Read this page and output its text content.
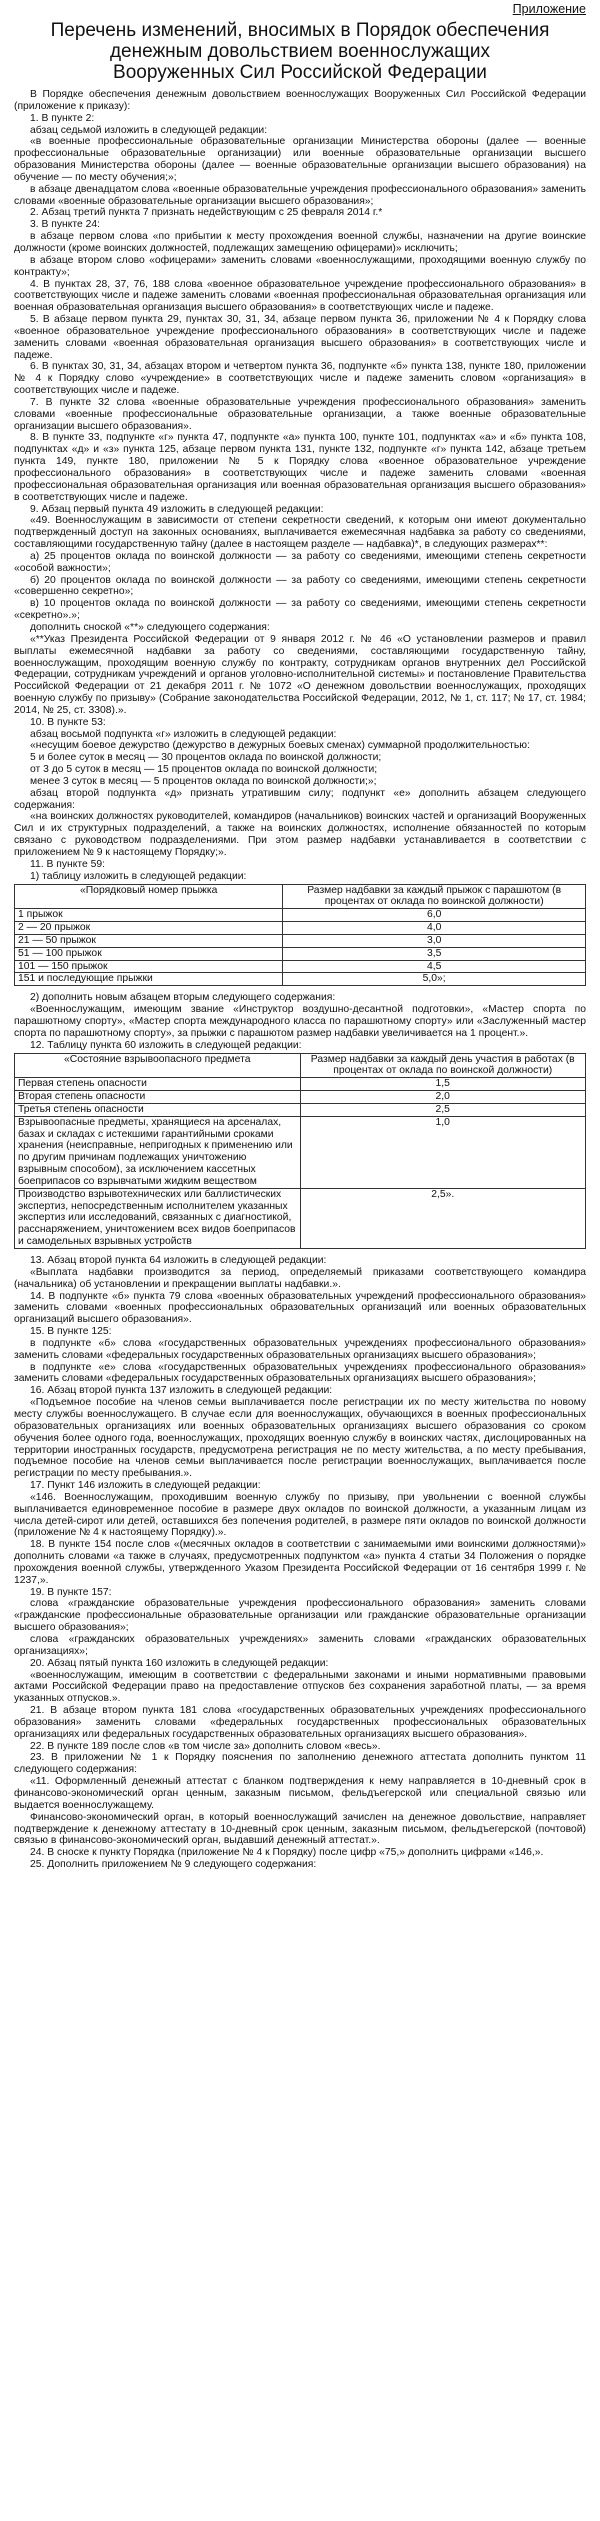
Приложение
Перечень изменений, вносимых в Порядок обеспечения денежным довольствием военнослужащих Вооруженных Сил Российской Федерации

В Порядке обеспечения денежным довольствием военнослужащих Вооруженных Сил Российской Федерации (приложение к приказу):

1. В пункте 2:

абзац седьмой изложить в следующей редакции:

«в военные профессиональные образовательные организации Министерства обороны (далее — военные профессиональные образовательные организации) или военные образовательные организации высшего образования Министерства обороны (далее — военные образовательные организации высшего образования) на обучение — по месту обучения;»;

в абзаце двенадцатом слова «военные образовательные учреждения профессионального образования» заменить словами «военные образовательные организации высшего образования»;

2. Абзац третий пункта 7 признать недействующим с 25 февраля 2014 г.*

3. В пункте 24:

в абзаце первом слова «по прибытии к месту прохождения военной службы, назначении на другие воинские должности (кроме воинских должностей, подлежащих замещению офицерами)» исключить;

в абзаце втором слово «офицерами» заменить словами «военнослужащими, проходящими военную службу по контракту»;

4. В пунктах 28, 37, 76, 188 слова «военное образовательное учреждение профессионального образования» в соответствующих числе и падеже заменить словами «военная профессиональная образовательная организация или военная образовательная организация высшего образования» в соответствующих числе и падеже.

5. В абзаце первом пункта 29, пунктах 30, 31, 34, абзаце первом пункта 36, приложении № 4 к Порядку слова «военное образовательное учреждение профессионального образования» в соответствующих числе и падеже заменить словами «военная образовательная организация высшего образования» в соответствующих числе и падеже.

6. В пунктах 30, 31, 34, абзацах втором и четвертом пункта 36, подпункте «б» пункта 138, пункте 180, приложении № 4 к Порядку слово «учреждение» в соответствующих числе и падеже заменить словом «организация» в соответствующих числе и падеже.

7. В пункте 32 слова «военные образовательные учреждения профессионального образования» заменить словами «военные профессиональные образовательные организации, а также военные образовательные организации высшего образования».

8. В пункте 33, подпункте «г» пункта 47, подпункте «а» пункта 100, пункте 101, подпунктах «а» и «б» пункта 108, подпунктах «д» и «з» пункта 125, абзаце первом пункта 131, пункте 132, подпункте «г» пункта 142, абзаце третьем пункта 149, пункте 180, приложении № 5 к Порядку слова «военное образовательное учреждение профессионального образования» в соответствующих числе и падеже заменить словами «военная профессиональная образовательная организация или военная образовательная организация высшего образования» в соответствующих числе и падеже.

9. Абзац первый пункта 49 изложить в следующей редакции:

«49. Военнослужащим в зависимости от степени секретности сведений, к которым они имеют документально подтвержденный доступ на законных основаниях, выплачивается ежемесячная надбавка за работу со сведениями, составляющими государственную тайну (далее в настоящем разделе — надбавка)*, в следующих размерах**:

а) 25 процентов оклада по воинской должности — за работу со сведениями, имеющими степень секретности «особой важности»;

б) 20 процентов оклада по воинской должности — за работу со сведениями, имеющими степень секретности «совершенно секретно»;

в) 10 процентов оклада по воинской должности — за работу со сведениями, имеющими степень секретности «секретно».»;

дополнить сноской «**» следующего содержания:

«**Указ Президента Российской Федерации от 9 января 2012 г. № 46 «О установлении размеров и правил выплаты ежемесячной надбавки за работу со сведениями, составляющими государственную тайну, военнослужащим, проходящим военную службу по контракту, сотрудникам органов внутренних дел Российской Федерации, сотрудникам учреждений и органов уголовно-исполнительной системы» и постановление Правительства Российской Федерации от 21 декабря 2011 г. № 1072 «О денежном довольствии военнослужащих, проходящих военную службу по призыву» (Собрание законодательства Российской Федерации, 2012, № 1, ст. 117; № 17, ст. 1984; 2014, № 25, ст. 3308).».

10. В пункте 53:

абзац восьмой подпункта «г» изложить в следующей редакции:

«несущим боевое дежурство (дежурство в дежурных боевых сменах) суммарной продолжительностью:

5 и более суток в месяц — 30 процентов оклада по воинской должности;

от 3 до 5 суток в месяц — 15 процентов оклада по воинской должности;

менее 3 суток в месяц — 5 процентов оклада по воинской должности;»;

абзац второй подпункта «д» признать утратившим силу; подпункт «е» дополнить абзацем следующего содержания:

«на воинских должностях руководителей, командиров (начальников) воинских частей и организаций Вооруженных Сил и их структурных подразделений, а также на воинских должностях, исполнение обязанностей по которым связано с руководством подразделениями. При этом размер надбавки устанавливается в соответствии с приложением № 9 к настоящему Порядку;».

11. В пункте 59:

1) таблицу изложить в следующей редакции:

«Порядковый номер прыжка	Размер надбавки за каждый прыжок с парашютом (в процентах от оклада по воинской должности)
1 прыжок	6,0
2 — 20 прыжок	4,0
21 — 50 прыжок	3,0
51 — 100 прыжок	3,5
101 — 150 прыжок	4,5
151 и последующие прыжки	5,0»;

2) дополнить новым абзацем вторым следующего содержания:

«Военнослужащим, имеющим звание «Инструктор воздушно-десантной подготовки», «Мастер спорта по парашютному спорту», «Мастер спорта международного класса по парашютному спорту» или «Заслуженный мастер спорта по парашютному спорту», за прыжки с парашютом размер надбавки увеличивается на 1 процент.».

12. Таблицу пункта 60 изложить в следующей редакции:

«Состояние взрывоопасного предмета	Размер надбавки за каждый день участия в работах (в процентах от оклада по воинской должности)
Первая степень опасности	1,5
Вторая степень опасности	2,0
Третья степень опасности	2,5
Взрывоопасные предметы, хранящиеся на арсеналах, базах и складах с истекшими гарантийными сроками хранения (неисправные, непригодных к применению или по другим причинам подлежащих уничтожению взрывным способом), за исключением кассетных боеприпасов со взрывчатыми жидким веществом	1,0
Производство взрывотехнических или баллистических экспертиз, непосредственным исполнителем указанных экспертиз или исследований, связанных с диагностикой, расснаряжением, уничтожением всех видов боеприпасов и самодельных взрывных устройств	2,5».

13. Абзац второй пункта 64 изложить в следующей редакции:

«Выплата надбавки производится за период, определяемый приказами соответствующего командира (начальника) об установлении и прекращении выплаты надбавки.».

14. В подпункте «б» пункта 79 слова «военных образовательных учреждений профессионального образования» заменить словами «военных профессиональных образовательных организаций или военных образовательных организаций высшего образования».

15. В пункте 125:

в подпункте «б» слова «государственных образовательных учреждениях профессионального образования» заменить словами «федеральных государственных образовательных организациях высшего образования»;

в подпункте «е» слова «государственных образовательных учреждениях профессионального образования» заменить словами «федеральных государственных образовательных организациях высшего образования»;

16. Абзац второй пункта 137 изложить в следующей редакции:

«Подъемное пособие на членов семьи выплачивается после регистрации их по месту жительства по новому месту службы военнослужащего. В случае если для военнослужащих, обучающихся в военных профессиональных образовательных организациях или военных образовательных организациях высшего образования со сроком обучения более одного года, военнослужащих, проходящих военную службу в воинских частях, дислоцированных на территории иностранных государств, предусмотрена регистрация не по месту жительства, а по месту пребывания, подъемное пособие на членов семьи выплачивается после регистрации военнослужащих, выплачивается после регистрации по месту пребывания.».

17. Пункт 146 изложить в следующей редакции:

«146. Военнослужащим, проходившим военную службу по призыву, при увольнении с военной службы выплачивается единовременное пособие в размере двух окладов по воинской должности, а указанным лицам из числа детей-сирот или детей, оставшихся без попечения родителей, в размере пяти окладов по воинской должности (приложение № 4 к настоящему Порядку).».

18. В пункте 154 после слов «(месячных окладов в соответствии с занимаемыми ими воинскими должностями)» дополнить словами «а также в случаях, предусмотренных подпунктом «а» пункта 4 статьи 34 Положения о порядке прохождения военной службы, утвержденного Указом Президента Российской Федерации от 16 сентября 1999 г. № 1237,».

19. В пункте 157:

слова «гражданские образовательные учреждения профессионального образования» заменить словами «гражданские профессиональные образовательные организации или гражданские образовательные организации высшего образования»;

слова «гражданских образовательных учреждениях» заменить словами «гражданских образовательных организациях»;

20. Абзац пятый пункта 160 изложить в следующей редакции:

«военнослужащим, имеющим в соответствии с федеральными законами и иными нормативными правовыми актами Российской Федерации право на предоставление отпусков без сохранения заработной платы, — за время указанных отпусков.».

21. В абзаце втором пункта 181 слова «государственных образовательных учреждениях профессионального образования» заменить словами «федеральных государственных профессиональных образовательных организациях или федеральных государственных образовательных организациях высшего образования».

22. В пункте 189 после слов «в том числе за» дополнить словом «весь».

23. В приложении № 1 к Порядку пояснения по заполнению денежного аттестата дополнить пунктом 11 следующего содержания:

«11. Оформленный денежный аттестат с бланком подтверждения к нему направляется в 10-дневный срок в финансово-экономический орган ценным, заказным письмом, фельдъегерской или специальной связью или выдается военнослужащему.

Финансово-экономический орган, в который военнослужащий зачислен на денежное довольствие, направляет подтверждение к денежному аттестату в 10-дневный срок ценным, заказным письмом, фельдъегерской (почтовой) связью в финансово-экономический орган, выдавший денежный аттестат.».

24. В сноске к пункту Порядка (приложение № 4 к Порядку) после цифр «75,» дополнить цифрами «146,».

25. Дополнить приложением № 9 следующего содержания:
